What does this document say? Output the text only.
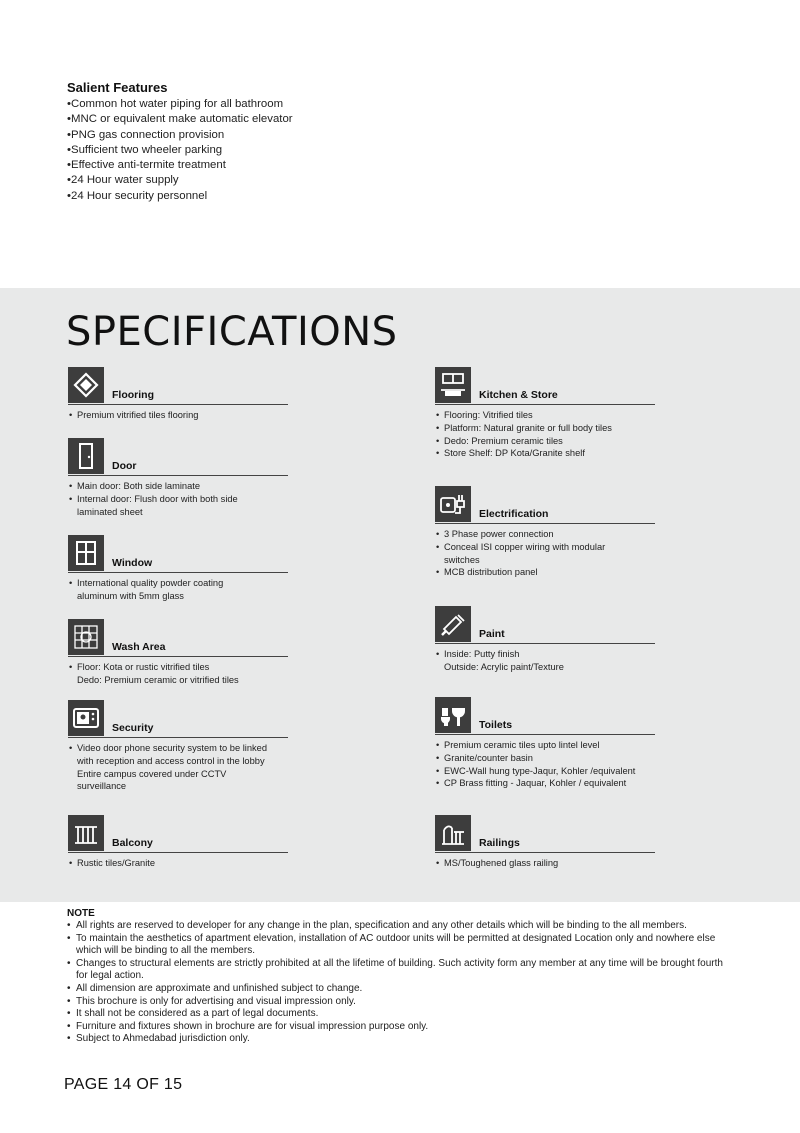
Salient Features
• Common hot water piping for all bathroom
• MNC or equivalent make automatic elevator
• PNG gas connection provision
• Sufficient two wheeler parking
• Effective anti-termite treatment
• 24 Hour water supply
• 24 Hour security personnel
SPECIFICATIONS
Flooring
• Premium vitrified tiles flooring
Door
• Main door: Both side laminate
• Internal door: Flush door with both side
laminated sheet
Window
• International quality powder coating
aluminum with 5mm glass
Wash Area
• Floor: Kota or rustic vitrified tiles
Dedo: Premium ceramic or vitrified tiles
Security
• Video door phone security system to be linked
with reception and access control in the lobby
Entire campus covered under CCTV
surveillance
Balcony
• Rustic tiles/Granite
Kitchen & Store
• Flooring: Vitrified tiles
• Platform: Natural granite or full body tiles
• Dedo: Premium ceramic tiles
• Store Shelf: DP Kota/Granite shelf
Electrification
• 3 Phase power connection
• Conceal ISI copper wiring with modular
switches
• MCB distribution panel
Paint
• Inside: Putty finish
Outside: Acrylic paint/Texture
Toilets
• Premium ceramic tiles upto lintel level
• Granite/counter basin
• EWC-Wall hung type-Jaqur, Kohler /equivalent
• CP Brass fitting - Jaquar, Kohler / equivalent
Railings
• MS/Toughened glass railing
NOTE
• All rights are reserved to developer for any change in the plan, specification and any other details which will be binding to the all members.
• To maintain the aesthetics of apartment elevation, installation of AC outdoor units will be permitted at designated Location only and nowhere else which will be binding to all the members.
• Changes to structural elements are strictly prohibited at all the lifetime of building. Such activity form any member at any time will be brought fourth for legal action.
• All dimension are approximate and unfinished subject to change.
• This brochure is only for advertising and visual impression only.
• It shall not be considered as a part of legal documents.
• Furniture and fixtures shown in brochure are for visual impression purpose only.
• Subject to Ahmedabad jurisdiction only.
PAGE 14 OF 15
